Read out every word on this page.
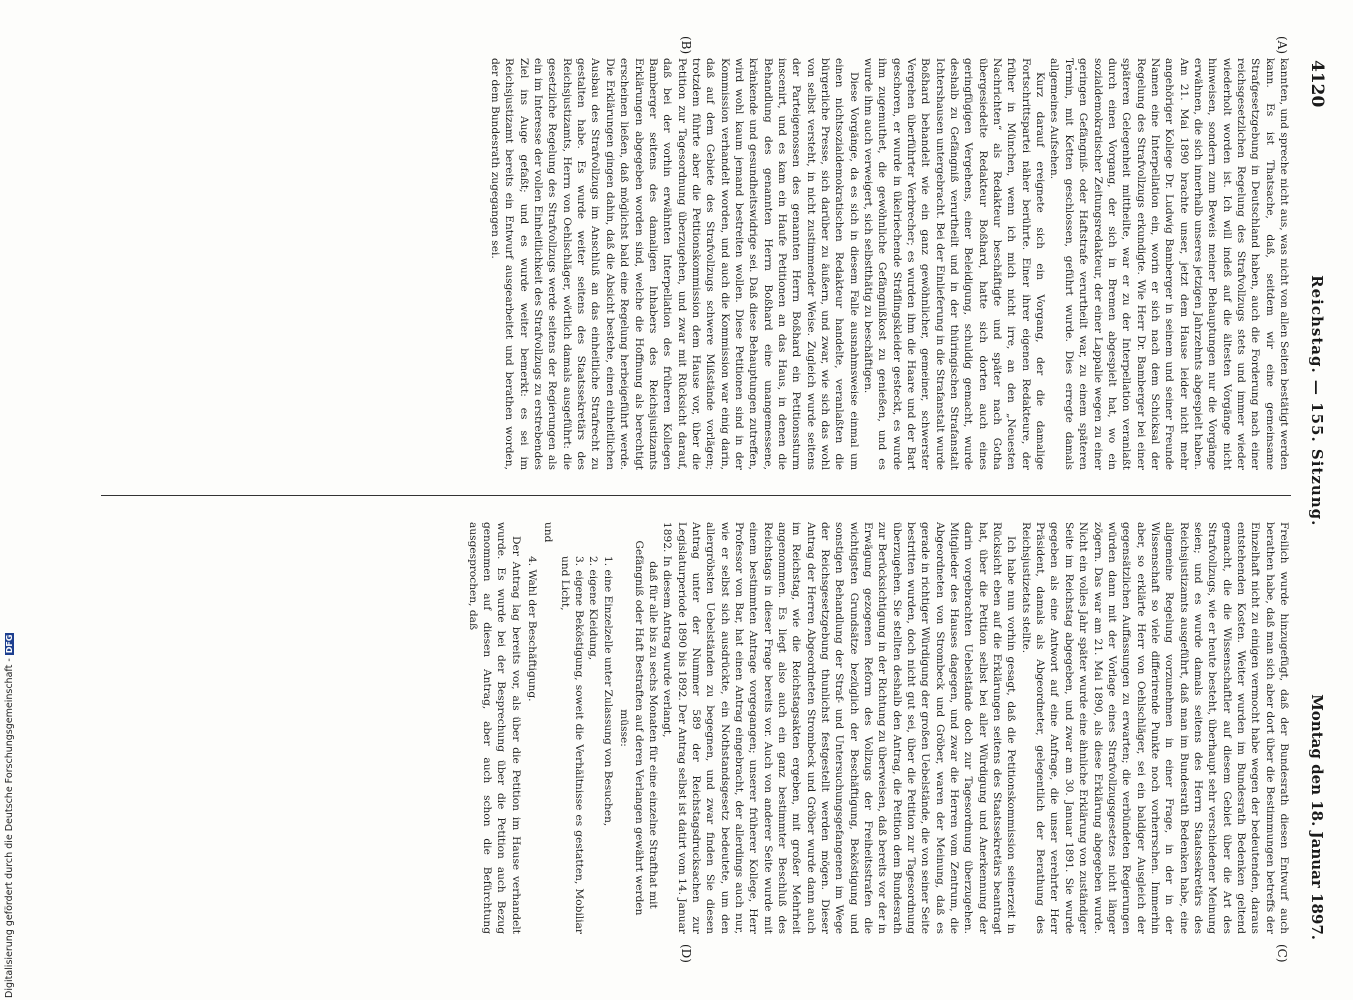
4120
Reichstag. — 155. Sitzung.
Montag den 18. Januar 1897.
(A)
(B)
(C)
(D)

kannten, und spreche nicht aus, was nicht von allen Seiten bestätigt werden kann. Es ist Thatsache, daß, seitdem wir eine gemeinsame Strafgesetzgebung in Deutschland haben, auch die Forderung nach einer reichsgesetzlichen Regelung des Strafvollzugs stets und immer wieder wiederholt worden ist. Ich will indeß auf die ältesten Vorgänge nicht hinweisen, sondern zum Beweis meiner Behauptungen nur die Vorgänge erwähnen, die sich innerhalb unseres jetzigen Jahrzehnts abgespielt haben. Am 21. Mai 1890 brachte unser, jetzt dem Hause leider nicht mehr angehöriger Kollege Dr. Ludwig Bamberger in seinem und seiner Freunde Namen eine Interpellation ein, worin er sich nach dem Schicksal der Regelung des Strafvollzugs erkundigte. Wie Herr Dr. Bamberger bei einer späteren Gelegenheit mittheilte, war er zu der Interpellation veranlaßt durch einen Vorgang, der sich in Bremen abgespielt hat, wo ein sozialdemokratischer Zeitungsredakteur, der einer Lappalie wegen zu einer geringen Gefängniß- oder Haftstrafe verurtheilt war, zu einem späteren Termin, mit Ketten geschlossen, geführt wurde. Dies erregte damals allgemeines Aufsehen.

Kurz darauf ereignete sich ein Vorgang, der die damalige Fortschrittspartei näher berührte. Einer ihrer eigenen Redakteure, der früher in München, wenn ich mich nicht irre, an den „Neuesten Nachrichten“ als Redakteur beschäftigte und später nach Gotha übergesiedelte Redakteur Boßhard, hatte sich dorten auch eines geringfügigen Vergehens, einer Beleidigung, schuldig gemacht, wurde deshalb zu Gefängniß verurtheilt und in der thüringischen Strafanstalt Ichtershausen untergebracht. Bei der Einlieferung in die Strafanstalt wurde Boßhard behandelt wie ein ganz gewöhnlicher, gemeiner, schwerster Vergehen überführter Verbrecher; es wurden ihm die Haare und der Bart geschoren, er wurde in ükelriechende Sträflingskleider gesteckt, es wurde ihm zugemuthet, die gewöhnliche Gefängnißkost zu genießen, und es wurde ihm auch verweigert, sich selbstthätig zu beschäftigen.

Diese Vorgänge, da es sich in diesem Falle ausnahmsweise einmal um einen nichtsozialdemokratischen Redakteur handelte, veranlaßten die bürgerliche Presse, sich darüber zu äußern, und zwar, wie sich das wohl von selbst versteht, in nicht zustimmender Weise. Zugleich wurde seitens der Parteigenossen des genannten Herrn Boßhard ein Petitionssturm inscenirt, und es kam ein Haufe Petitionen an das Haus, in denen die Behandlung des genannten Herrn Boßhard eine unangemessene, kränkende und gesundheitswidrige sei. Daß diese Behauptungen zutreffen, wird wohl kaum jemand bestreiten wollen. Diese Petitionen sind in der Kommission verhandelt worden, und auch die Kommission war einig darin, daß auf dem Gebiete des Strafvollzugs schwere Mißstände vorlägen; trotzdem führte aber die Petitionskommission dem Hause vor, über die Petition zur Tagesordnung überzugehen, und zwar mit Rücksicht darauf, daß bei der vorhin erwähnten Interpellation des früheren Kollegen Bamberger seitens des damaligen Inhabers des Reichsjustizamts Erklärungen abgegeben worden sind, welche die Hoffnung als berechtigt erscheinen ließen, daß möglichst bald eine Regelung herbeigeführt werde. Die Erklärungen gingen dahin, daß die Absicht bestehe, einen einheitlichen Ausbau des Strafvollzugs im Anschluß an das einheitliche Strafrecht zu gestalten habe. Es wurde weiter seitens des Staatssekretärs des Reichsjustizamts, Herrn von Oehlschläger, wörtlich damals ausgeführt: die gesetzliche Regelung des Strafvollzugs werde seitens der Regierungen als ein im Interesse der vollen Einheitlichkeit des Strafvollzugs zu erstrebendes Ziel ins Auge gefaßt; und es wurde weiter bemerkt: es sei im Reichsjustizamt bereits ein Entwurf ausgearbeitet und berathen worden, der dem Bundesrath zugegangen sei.

Freilich wurde hinzugefügt, daß der Bundesrath diesen Entwurf auch berathen habe, daß man sich aber dort über die Bestimmungen betreffs der Einzelhaft nicht zu einigen vermocht habe wegen der bedeutenden, daraus entstehenden Kosten. Weiter wurden im Bundesrath Bedenken geltend gemacht, die die Wissenschaftler auf diesem Gebiet über die Art des Strafvollzugs, wie er heute besteht, überhaupt sehr verschiedener Meinung seien; und es wurde damals seitens des Herrn Staatssekretärs des Reichsjustizamts ausgeführt, daß man im Bundesrath Bedenken habe, eine allgemeine Regelung vorzunehmen in einer Frage, in der in der Wissenschaft so viele differirende Punkte noch vorherrschen. Immerhin aber, so erklärte Herr von Oehlschläger, sei ein baldiger Ausgleich der gegensätzlichen Auffassungen zu erwarten; die verbündeten Regierungen würden dann mit der Vorlage eines Strafvollzugsgesetzes nicht länger zögern. Das war am 21. Mai 1890, als diese Erklärung abgegeben wurde. Nicht ein volles Jahr später wurde eine ähnliche Erklärung von zuständiger Seite im Reichstag abgegeben, und zwar am 30. Januar 1891. Sie wurde gegeben als eine Antwort auf eine Anfrage, die unser verehrter Herr Präsident, damals als Abgeordneter, gelegentlich der Berathung des Reichsjustizetats stellte.

Ich habe nun vorhin gesagt, daß die Petitionskommission seinerzeit in Rücksicht eben auf die Erklärungen seitens des Staatssekretärs beantragt hat, über die Petition selbst bei aller Würdigung und Anerkennung der darin vorgebrachten Uebelstände doch zur Tagesordnung überzugehen. Mitglieder des Hauses dagegen, und zwar die Herren vom Zentrum, die Abgeordneten von Strombeck und Gröber, waren der Meinung, daß es gerade in richtiger Würdigung der großen Uebelstände, die von seiner Seite bestritten wurden, doch nicht gut sei, über die Petition zur Tagesordnung überzugehen. Sie stellten deshalb den Antrag, die Petition dem Bundesrath zur Berücksichtigung in der Richtung zu überweisen, daß bereits vor der in Erwägung gezogenen Reform des Vollzugs der Freiheitsstrafen die wichtigsten Grundsätze bezüglich der Beschäftigung, Beköstigung und sonstigen Behandlung der Straf- und Untersuchungsgefangenen im Wege der Reichsgesetzgebung thunlichst festgestellt werden mögen. Dieser Antrag der Herren Abgeordneten Strombeck und Gröber wurde dann auch im Reichstag, wie die Reichstagsakten ergeben, mit großer Mehrheit angenommen. Es liegt also auch ein ganz bestimmter Beschluß des Reichstags in dieser Frage bereits vor. Auch von anderer Seite wurde mit einem bestimmten Antrage vorgegangen; unserer früherer Kollege, Herr Professor von Bar, hat einen Antrag eingebracht, der allerdings auch nur, wie er selbst sich ausdrückte, ein Nothstandsgesetz bedeutete, um den allergröbsten Uebelständen zu begegnen, und zwar finden Sie diesen Antrag unter der Nummer 589 der Reichstagsdrucksachen zur Legislaturperiode 1890 bis 1892. Der Antrag selbst ist datirt vom 14. Januar 1892. In diesem Antrag wurde verlangt,

daß für alle bis zu sechs Monaten für eine einzelne Strafthat mit Gefängniß oder Haft Bestraften auf deren Verlangen gewährt werden müsse:

1. eine Einzelzelle unter Zulassung von Besuchen,
2. eigene Kleidung,
3. eigene Beköstigung, soweit die Verhältnisse es gestatten, Mobiliar und Licht,

und

4. Wahl der Beschäftigung.

Der Antrag lag bereits vor, als über die Petition im Hause verhandelt wurde. Es wurde bei der Besprechung über die Petition auch Bezug genommen auf diesen Antrag, aber auch schon die Befürchtung ausgesprochen, daß

Digitalisierung gefördert durch die Deutsche Forschungsgemeinschaft -DFG
